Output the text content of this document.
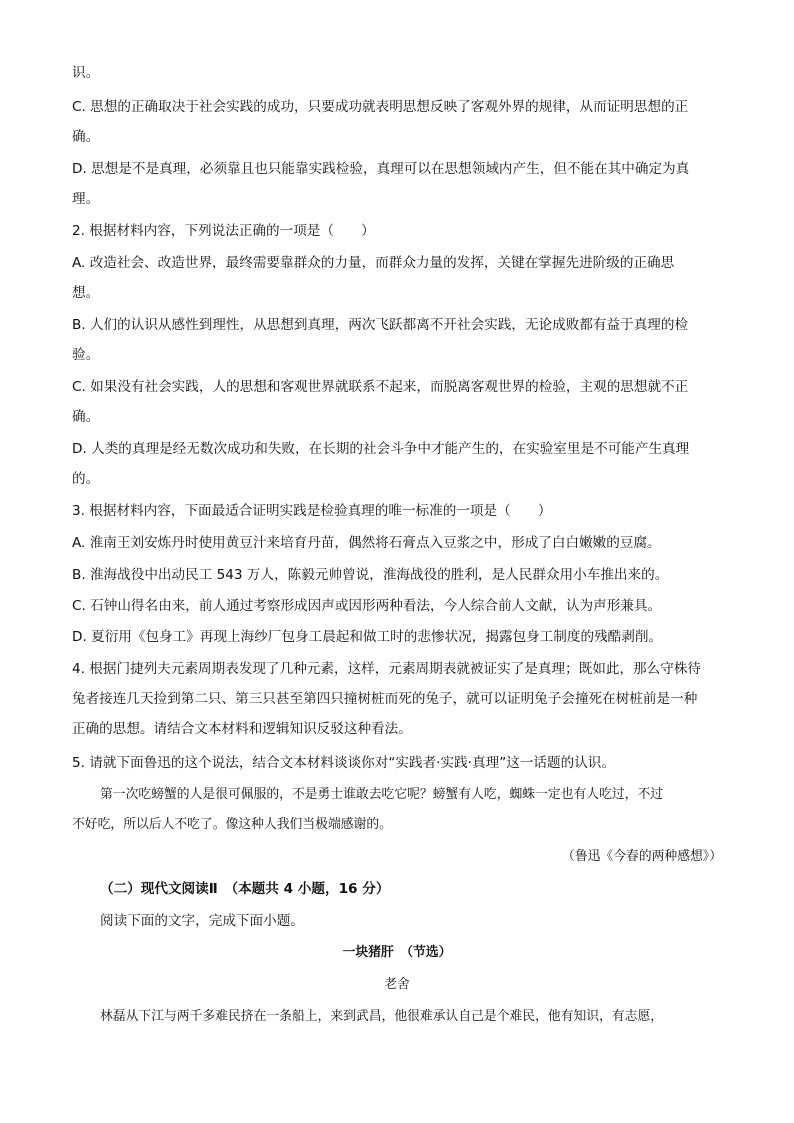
识。
C. 思想的正确取决于社会实践的成功，只要成功就表明思想反映了客观外界的规律，从而证明思想的正
确。
D. 思想是不是真理，必须靠且也只能靠实践检验，真理可以在思想领域内产生，但不能在其中确定为真
理。
2. 根据材料内容，下列说法正确的一项是（　　）
A. 改造社会、改造世界，最终需要靠群众的力量，而群众力量的发挥，关键在掌握先进阶级的正确思
想。
B. 人们的认识从感性到理性，从思想到真理，两次飞跃都离不开社会实践，无论成败都有益于真理的检
验。
C. 如果没有社会实践，人的思想和客观世界就联系不起来，而脱离客观世界的检验，主观的思想就不正
确。
D. 人类的真理是经无数次成功和失败，在长期的社会斗争中才能产生的，在实验室里是不可能产生真理
的。
3. 根据材料内容，下面最适合证明实践是检验真理的唯一标准的一项是（　　）
A. 淮南王刘安炼丹时使用黄豆汁来培育丹苗，偶然将石膏点入豆浆之中，形成了白白嫩嫩的豆腐。
B. 淮海战役中出动民工 543 万人，陈毅元帅曾说，淮海战役的胜利，是人民群众用小车推出来的。
C. 石钟山得名由来，前人通过考察形成因声或因形两种看法，今人综合前人文献，认为声形兼具。
D. 夏衍用《包身工》再现上海纱厂包身工晨起和做工时的悲惨状况，揭露包身工制度的残酷剥削。
4. 根据门捷列夫元素周期表发现了几种元素，这样，元素周期表就被证实了是真理；既如此，那么守株待
兔者接连几天捡到第二只、第三只甚至第四只撞树桩而死的兔子，就可以证明兔子会撞死在树桩前是一种
正确的思想。请结合文本材料和逻辑知识反驳这种看法。
5. 请就下面鲁迅的这个说法，结合文本材料谈谈你对“实践者·实践·真理”这一话题的认识。
第一次吃螃蟹的人是很可佩服的，不是勇士谁敢去吃它呢？螃蟹有人吃，蜘蛛一定也有人吃过，不过
不好吃，所以后人不吃了。像这种人我们当极端感谢的。
（鲁迅《今春的两种感想》）
（二）现代文阅读Ⅱ　（本题共 4 小题，16 分）
阅读下面的文字，完成下面小题。
一块猪肝　（节选）
老舍
林磊从下江与两千多难民挤在一条船上，来到武昌，他很难承认自己是个难民，他有知识，有志愿，
